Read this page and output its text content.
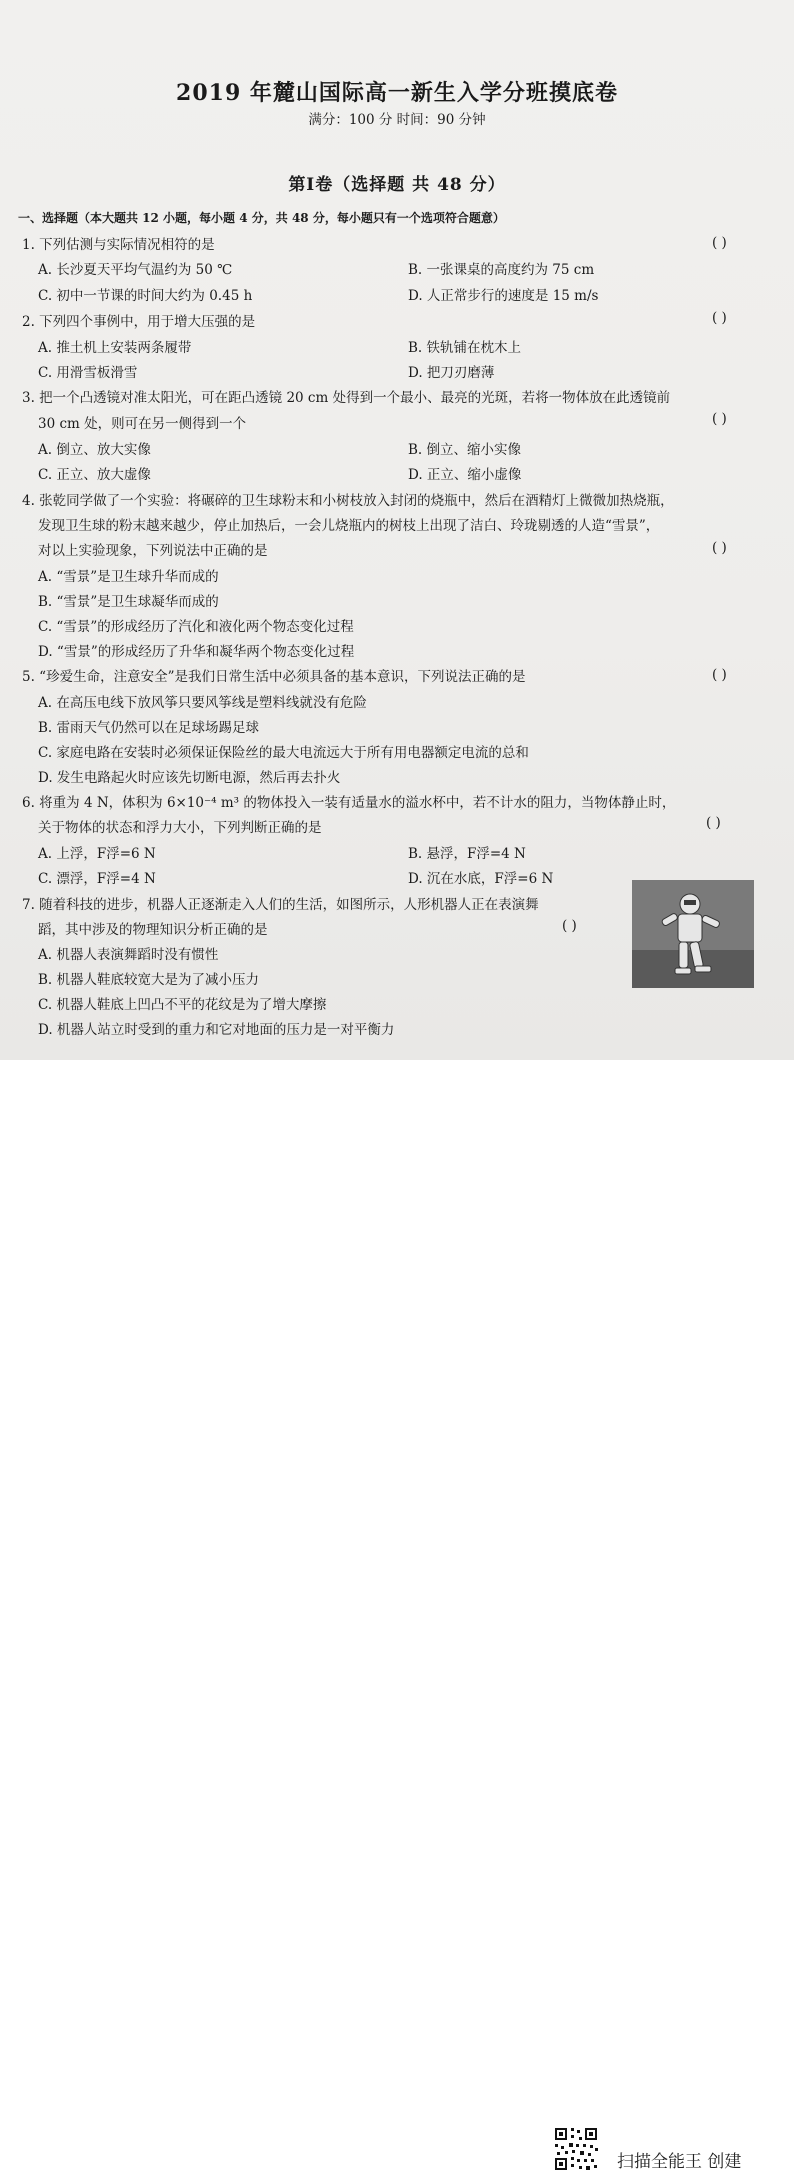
2019 年麓山国际高一新生入学分班摸底卷
满分：100 分 时间：90 分钟
第Ⅰ卷（选择题 共 48 分）
一、选择题（本大题共 12 小题，每小题 4 分，共 48 分，每小题只有一个选项符合题意）
1. 下列估测与实际情况相符的是	( )
A. 长沙夏天平均气温约为 50 ℃	B. 一张课桌的高度约为 75 cm
C. 初中一节课的时间大约为 0.45 h	D. 人正常步行的速度是 15 m/s
2. 下列四个事例中，用于增大压强的是	( )
A. 推土机上安装两条履带	B. 铁轨铺在枕木上
C. 用滑雪板滑雪	D. 把刀刃磨薄
3. 把一个凸透镜对准太阳光，可在距凸透镜 20 cm 处得到一个最小、最亮的光斑，若将一物体放在此透镜前
30 cm 处，则可在另一侧得到一个	( )
A. 倒立、放大实像	B. 倒立、缩小实像
C. 正立、放大虚像	D. 正立、缩小虚像
4. 张乾同学做了一个实验：将碾碎的卫生球粉末和小树枝放入封闭的烧瓶中，然后在酒精灯上微微加热烧瓶，
发现卫生球的粉末越来越少，停止加热后，一会儿烧瓶内的树枝上出现了洁白、玲珑剔透的人造“雪景”，
对以上实验现象，下列说法中正确的是	( )
A. “雪景”是卫生球升华而成的
B. “雪景”是卫生球凝华而成的
C. “雪景”的形成经历了汽化和液化两个物态变化过程
D. “雪景”的形成经历了升华和凝华两个物态变化过程
5. “珍爱生命，注意安全”是我们日常生活中必须具备的基本意识，下列说法正确的是	( )
A. 在高压电线下放风筝只要风筝线是塑料线就没有危险
B. 雷雨天气仍然可以在足球场踢足球
C. 家庭电路在安装时必须保证保险丝的最大电流远大于所有用电器额定电流的总和
D. 发生电路起火时应该先切断电源，然后再去扑火
6. 将重为 4 N，体积为 6×10⁻⁴ m³ 的物体投入一装有适量水的溢水杯中，若不计水的阻力，当物体静止时，
关于物体的状态和浮力大小，下列判断正确的是	( )
A. 上浮，F浮=6 N	B. 悬浮，F浮=4 N
C. 漂浮，F浮=4 N	D. 沉在水底，F浮=6 N
7. 随着科技的进步，机器人正逐渐走入人们的生活，如图所示，人形机器人正在表演舞
蹈，其中涉及的物理知识分析正确的是	( )
A. 机器人表演舞蹈时没有惯性
B. 机器人鞋底较宽大是为了减小压力
C. 机器人鞋底上凹凸不平的花纹是为了增大摩擦
D. 机器人站立时受到的重力和它对地面的压力是一对平衡力
扫描全能王 创建
